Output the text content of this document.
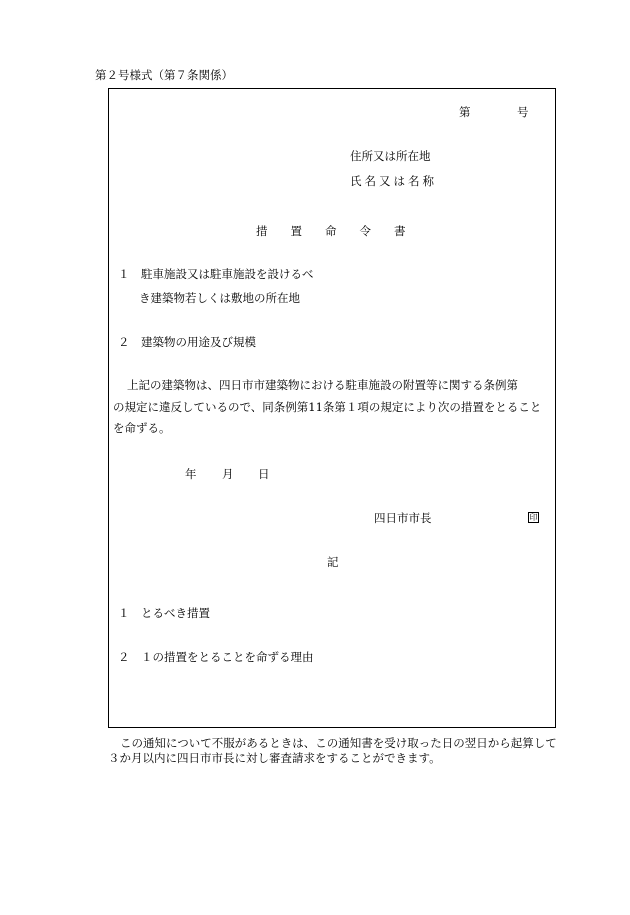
第２号様式（第７条関係）
第	号
住所又は所在地
氏名又は名称
措　　置　　命　　令　　書
１　駐車施設又は駐車施設を設けるべ
き建築物若しくは敷地の所在地
２　建築物の用途及び規模
上記の建築物は、四日市市建築物における駐車施設の附置等に関する条例第
の規定に違反しているので、同条例第11条第１項の規定により次の措置をとること
を命ずる。
年 月 日
四日市市長	印
記
１　とるべき措置
２　１の措置をとることを命ずる理由
この通知について不服があるときは、この通知書を受け取った日の翌日から起算して
３か月以内に四日市市長に対し審査請求をすることができます。
